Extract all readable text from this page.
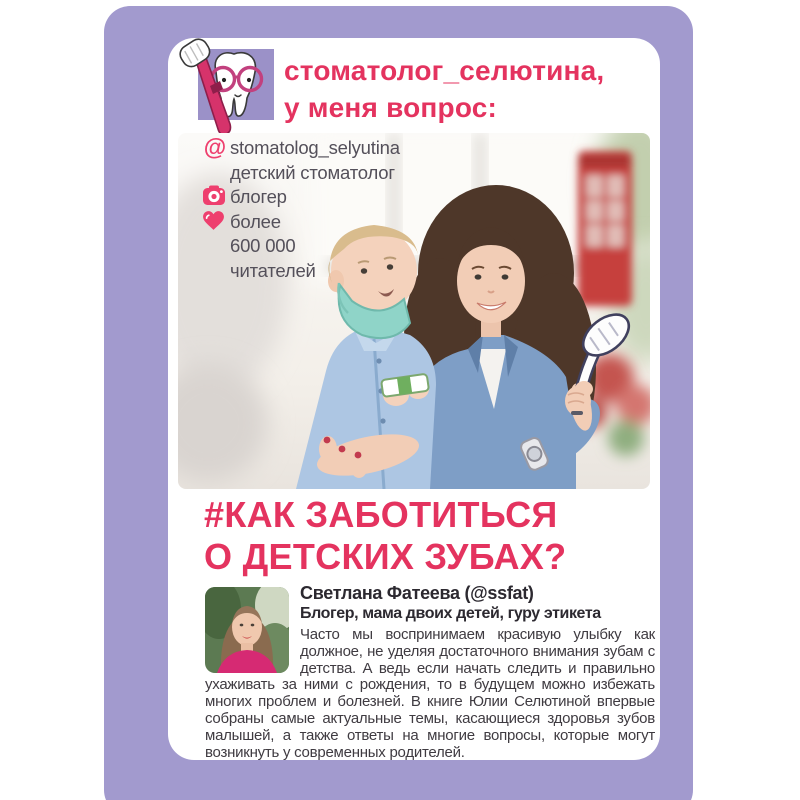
стоматолог_селютина,
у меня вопрос:
@ stomatolog_selyutina
детский стоматолог
блогер
более
600 000
читателей
#КАК ЗАБОТИТЬСЯ
О ДЕТСКИХ ЗУБАХ?
Светлана Фатеева (@ssfat)
Блогер, мама двоих детей, гуру этикета
Часто мы воспринимаем красивую улыбку как должное, не уделяя достаточного внимания зубам с детства. А ведь если начать следить и правильно ухаживать за ними с рождения, то в будущем можно избежать многих проблем и болезней. В книге Юлии Селютиной впервые собраны самые актуальные темы, касающиеся здоровья зубов малышей, а также ответы на многие вопросы, которые могут возникнуть у современных родителей.
